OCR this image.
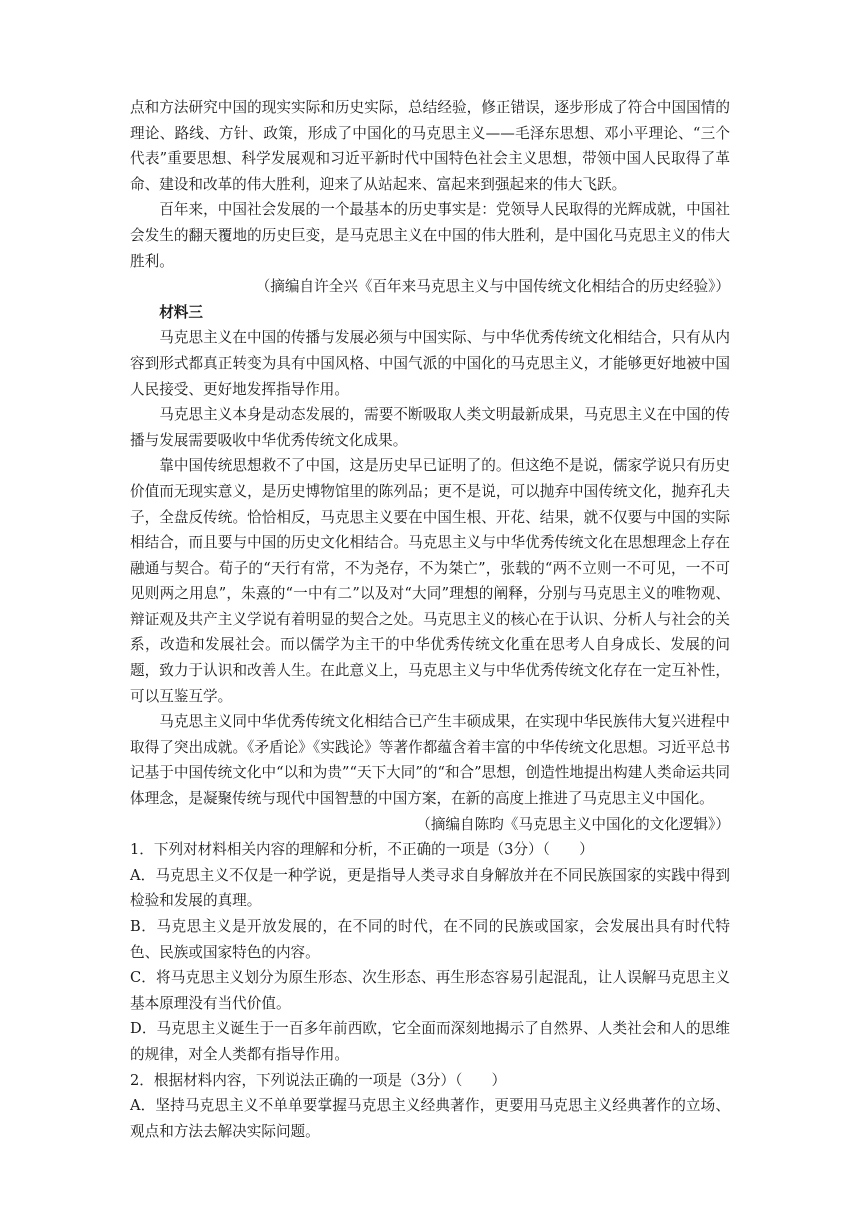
点和方法研究中国的现实实际和历史实际，总结经验，修正错误，逐步形成了符合中国国情的理论、路线、方针、政策，形成了中国化的马克思主义——毛泽东思想、邓小平理论、“三个代表”重要思想、科学发展观和习近平新时代中国特色社会主义思想，带领中国人民取得了革命、建设和改革的伟大胜利，迎来了从站起来、富起来到强起来的伟大飞跃。

百年来，中国社会发展的一个最基本的历史事实是：党领导人民取得的光辉成就，中国社会发生的翻天覆地的历史巨变，是马克思主义在中国的伟大胜利，是中国化马克思主义的伟大胜利。

（摘编自许全兴《百年来马克思主义与中国传统文化相结合的历史经验》）

材料三

马克思主义在中国的传播与发展必须与中国实际、与中华优秀传统文化相结合，只有从内容到形式都真正转变为具有中国风格、中国气派的中国化的马克思主义，才能够更好地被中国人民接受、更好地发挥指导作用。

马克思主义本身是动态发展的，需要不断吸取人类文明最新成果，马克思主义在中国的传播与发展需要吸收中华优秀传统文化成果。

靠中国传统思想救不了中国，这是历史早已证明了的。但这绝不是说，儒家学说只有历史价值而无现实意义，是历史博物馆里的陈列品；更不是说，可以抛弃中国传统文化，抛弃孔夫子，全盘反传统。恰恰相反，马克思主义要在中国生根、开花、结果，就不仅要与中国的实际相结合，而且要与中国的历史文化相结合。马克思主义与中华优秀传统文化在思想理念上存在融通与契合。荀子的“天行有常，不为尧存，不为桀亡”，张载的“两不立则一不可见，一不可见则两之用息”，朱熹的“一中有二”以及对“大同”理想的阐释，分别与马克思主义的唯物观、辩证观及共产主义学说有着明显的契合之处。马克思主义的核心在于认识、分析人与社会的关系，改造和发展社会。而以儒学为主干的中华优秀传统文化重在思考人自身成长、发展的问题，致力于认识和改善人生。在此意义上，马克思主义与中华优秀传统文化存在一定互补性，可以互鉴互学。

马克思主义同中华优秀传统文化相结合已产生丰硕成果，在实现中华民族伟大复兴进程中取得了突出成就。《矛盾论》《实践论》等著作都蕴含着丰富的中华传统文化思想。习近平总书记基于中国传统文化中“以和为贵”“天下大同”的“和合”思想，创造性地提出构建人类命运共同体理念，是凝聚传统与现代中国智慧的中国方案，在新的高度上推进了马克思主义中国化。

（摘编自陈昀《马克思主义中国化的文化逻辑》）

1．下列对材料相关内容的理解和分析，不正确的一项是（3分）（　　）

A．马克思主义不仅是一种学说，更是指导人类寻求自身解放并在不同民族国家的实践中得到检验和发展的真理。

B．马克思主义是开放发展的，在不同的时代，在不同的民族或国家，会发展出具有时代特色、民族或国家特色的内容。

C．将马克思主义划分为原生形态、次生形态、再生形态容易引起混乱，让人误解马克思主义基本原理没有当代价值。

D．马克思主义诞生于一百多年前西欧，它全面而深刻地揭示了自然界、人类社会和人的思维的规律，对全人类都有指导作用。

2．根据材料内容，下列说法正确的一项是（3分）（　　）

A．坚持马克思主义不单单要掌握马克思主义经典著作，更要用马克思主义经典著作的立场、观点和方法去解决实际问题。
